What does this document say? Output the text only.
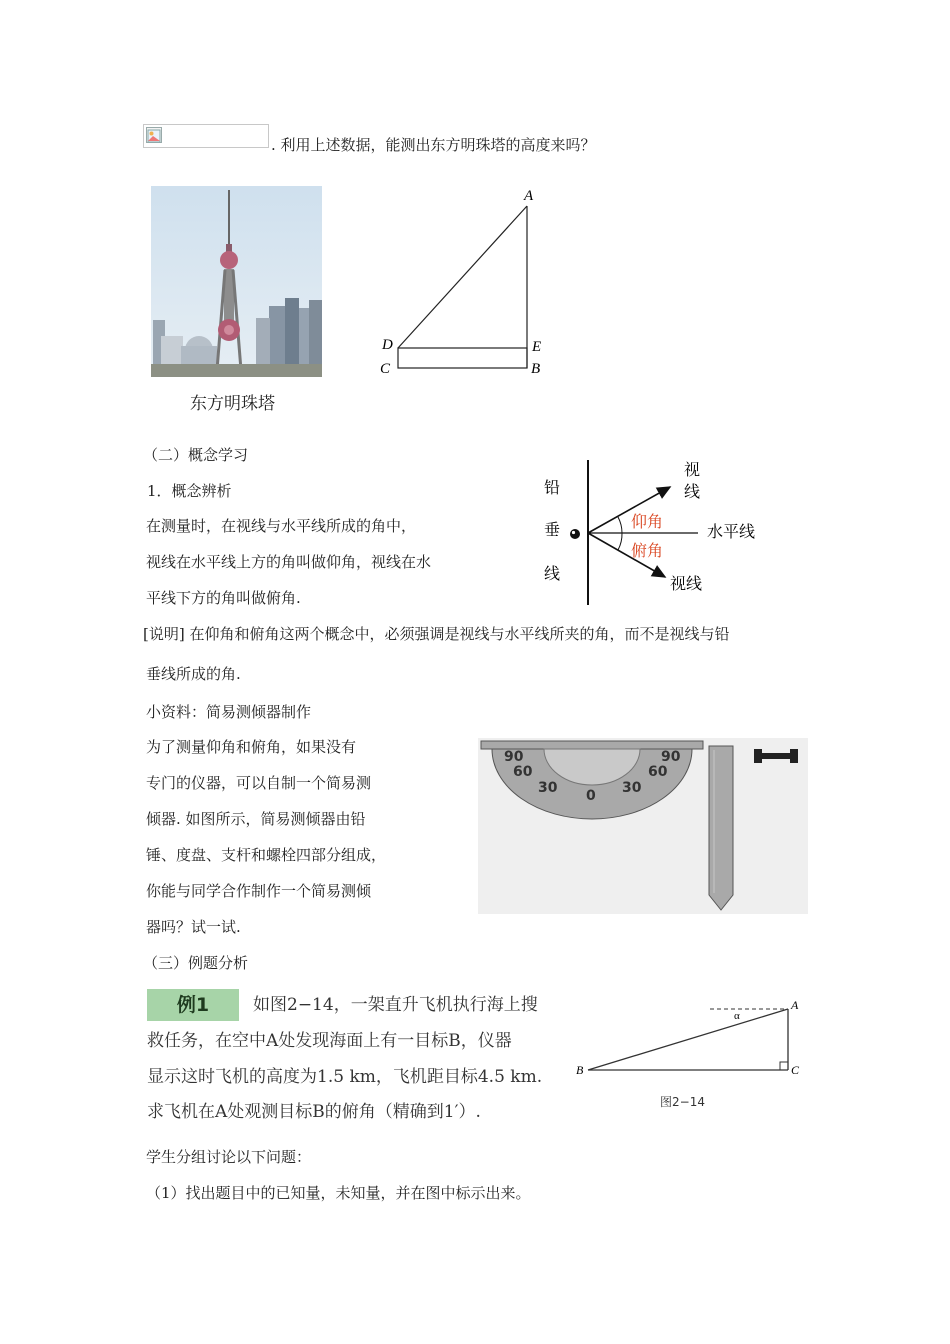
. 利用上述数据，能测出东方明珠塔的高度来吗？
东方明珠塔
A
D	E
C	B
（二）概念学习
1．概念辨析
在测量时，在视线与水平线所成的角中，
视线在水平线上方的角叫做仰角，视线在水
平线下方的角叫做俯角.
铅
垂
线
视
线
仰角
俯角
水平线
视线
[说明] 在仰角和俯角这两个概念中，必须强调是视线与水平线所夹的角，而不是视线与铅
垂线所成的角.
小资料：简易测倾器制作
为了测量仰角和俯角，如果没有
专门的仪器，可以自制一个简易测
倾器. 如图所示，简易测倾器由铅
锤、度盘、支杆和螺栓四部分组成，
你能与同学合作制作一个简易测倾
器吗？试一试.
90
60
30 0 30
60
90
（三）例题分析
例1	如图2−14，一架直升飞机执行海上搜
救任务，在空中A处发现海面上有一目标B，仪器
显示这时飞机的高度为1.5 km，飞机距目标4.5 km.
求飞机在A处观测目标B的俯角（精确到1′）.
α
A
B	C
图2−14
学生分组讨论以下问题：
（1）找出题目中的已知量，未知量，并在图中标示出来。
